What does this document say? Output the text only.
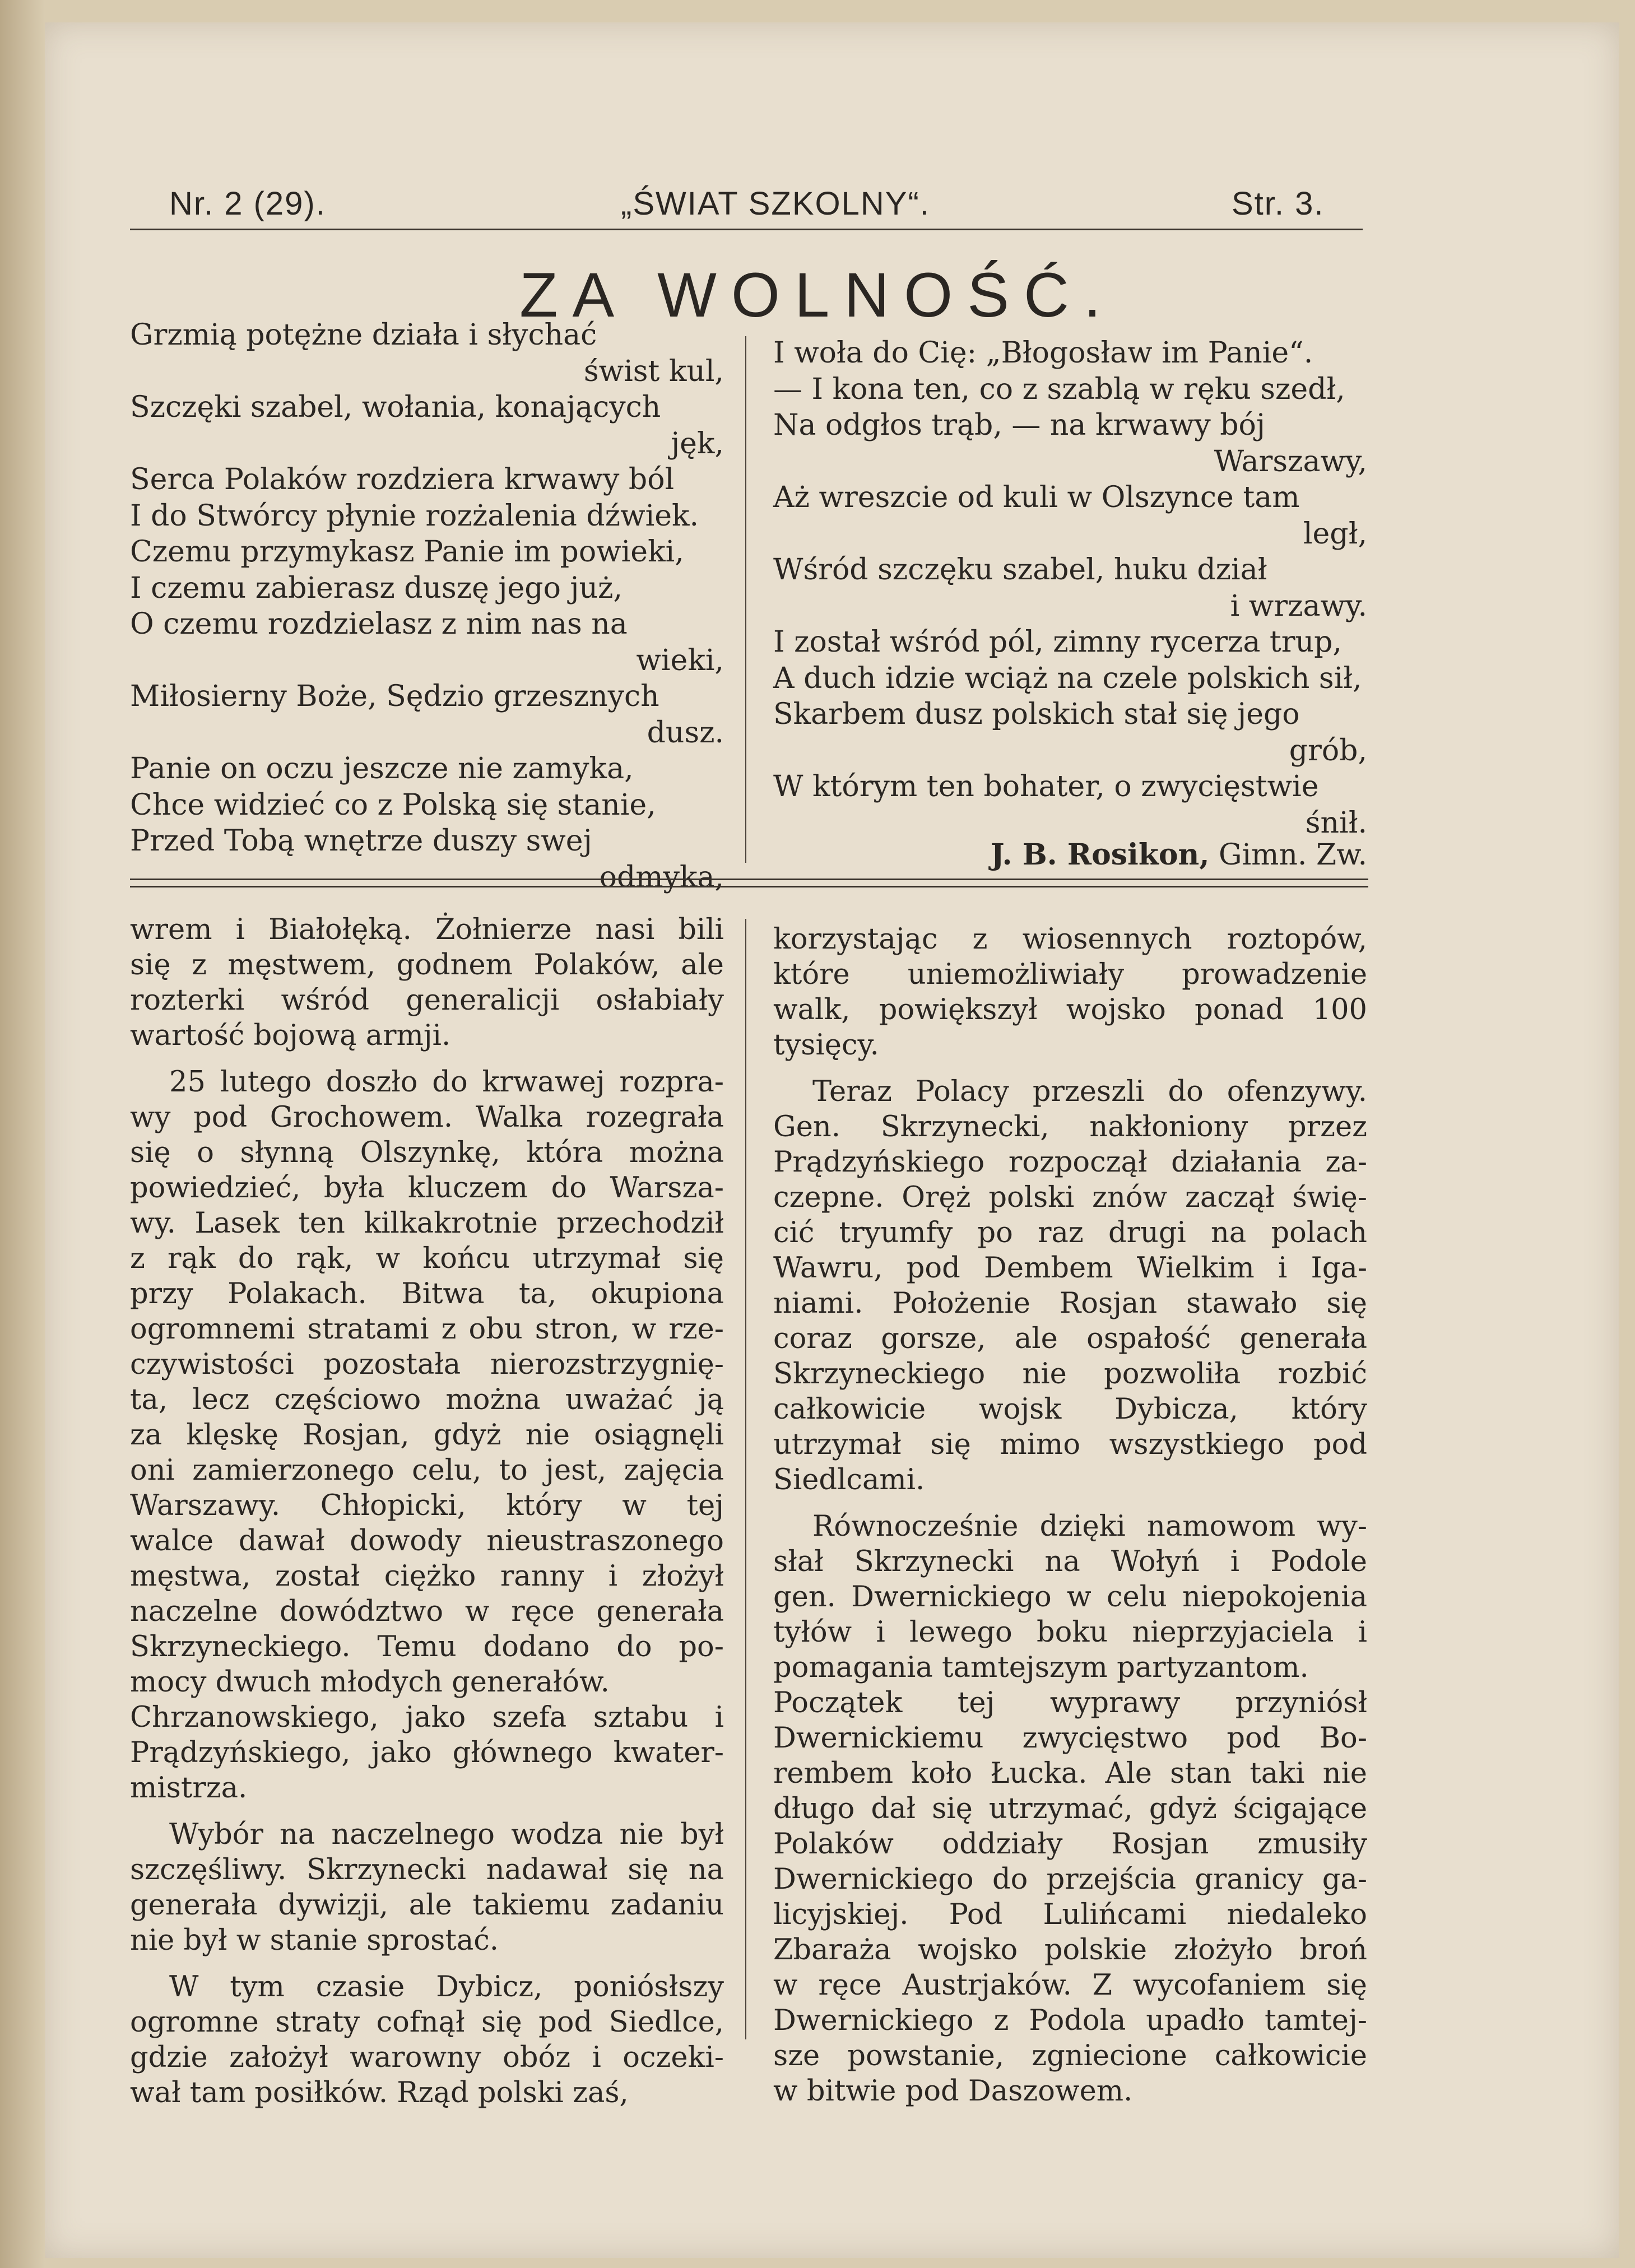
Nr. 2 (29).	„ŚWIAT SZKOLNY“.	Str. 3.
ZA WOLNOŚĆ.
Grzmią potężne działa i słychać
świst kul,
Szczęki szabel, wołania, konających
jęk,
Serca Polaków rozdziera krwawy ból
I do Stwórcy płynie rozżalenia dźwiek.
Czemu przymykasz Panie im powieki,
I czemu zabierasz duszę jego już,
O czemu rozdzielasz z nim nas na
wieki,
Miłosierny Boże, Sędzio grzesznych
dusz.
Panie on oczu jeszcze nie zamyka,
Chce widzieć co z Polską się stanie,
Przed Tobą wnętrze duszy swej
odmyka,
I woła do Cię: „Błogosław im Panie“.
— I kona ten, co z szablą w ręku szedł,
Na odgłos trąb, — na krwawy bój
Warszawy,
Aż wreszcie od kuli w Olszynce tam
legł,
Wśród szczęku szabel, huku dział
i wrzawy.
I został wśród pól, zimny rycerza trup,
A duch idzie wciąż na czele polskich sił,
Skarbem dusz polskich stał się jego
grób,
W którym ten bohater, o zwycięstwie
śnił.
J. B. Rosikon, Gimn. Zw.
wrem i Białołęką. Żołnierze nasi bili
się z męstwem, godnem Polaków, ale
rozterki wśród generalicji osłabiały
wartość bojową armji.
25 lutego doszło do krwawej rozpra-
wy pod Grochowem. Walka rozegrała
się o słynną Olszynkę, która można
powiedzieć, była kluczem do Warsza-
wy. Lasek ten kilkakrotnie przechodził
z rąk do rąk, w końcu utrzymał się
przy Polakach. Bitwa ta, okupiona
ogromnemi stratami z obu stron, w rze-
czywistości pozostała nierozstrzygnię-
ta, lecz częściowo można uważać ją
za klęskę Rosjan, gdyż nie osiągnęli
oni zamierzonego celu, to jest, zajęcia
Warszawy. Chłopicki, który w tej
walce dawał dowody nieustraszonego
męstwa, został ciężko ranny i złożył
naczelne dowództwo w ręce generała
Skrzyneckiego. Temu dodano do po-
mocy dwuch młodych generałów.
Chrzanowskiego, jako szefa sztabu i
Prądzyńskiego, jako głównego kwater-
mistrza.
Wybór na naczelnego wodza nie był
szczęśliwy. Skrzynecki nadawał się na
generała dywizji, ale takiemu zadaniu
nie był w stanie sprostać.
W tym czasie Dybicz, poniósłszy
ogromne straty cofnął się pod Siedlce,
gdzie założył warowny obóz i oczeki-
wał tam posiłków. Rząd polski zaś,
korzystając z wiosennych roztopów,
które uniemożliwiały prowadzenie
walk, powiększył wojsko ponad 100
tysięcy.
Teraz Polacy przeszli do ofenzywy.
Gen. Skrzynecki, nakłoniony przez
Prądzyńskiego rozpoczął działania za-
czepne. Oręż polski znów zaczął świę-
cić tryumfy po raz drugi na polach
Wawru, pod Dembem Wielkim i Iga-
niami. Położenie Rosjan stawało się
coraz gorsze, ale ospałość generała
Skrzyneckiego nie pozwoliła rozbić
całkowicie wojsk Dybicza, który
utrzymał się mimo wszystkiego pod
Siedlcami.
Równocześnie dzięki namowom wy-
słał Skrzynecki na Wołyń i Podole
gen. Dwernickiego w celu niepokojenia
tyłów i lewego boku nieprzyjaciela i
pomagania tamtejszym partyzantom.
Początek tej wyprawy przyniósł
Dwernickiemu zwycięstwo pod Bo-
rembem koło Łucka. Ale stan taki nie
długo dał się utrzymać, gdyż ścigające
Polaków oddziały Rosjan zmusiły
Dwernickiego do przejścia granicy ga-
licyjskiej. Pod Lulińcami niedaleko
Zbaraża wojsko polskie złożyło broń
w ręce Austrjaków. Z wycofaniem się
Dwernickiego z Podola upadło tamtej-
sze powstanie, zgniecione całkowicie
w bitwie pod Daszowem.
